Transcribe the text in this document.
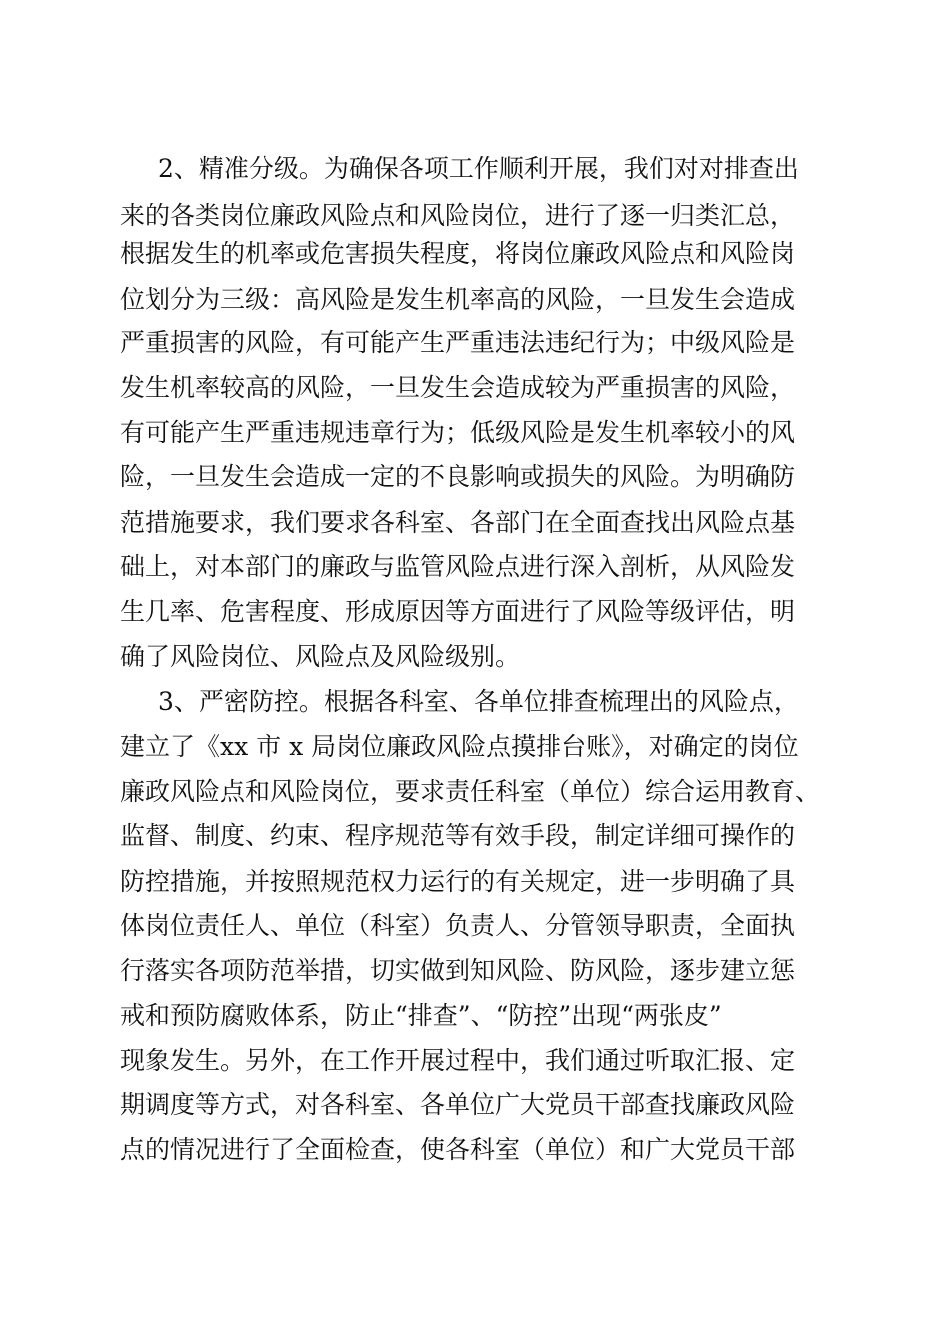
2、精准分级。为确保各项工作顺利开展，我们对对排查出
来的各类岗位廉政风险点和风险岗位，进行了逐一归类汇总，
根据发生的机率或危害损失程度，将岗位廉政风险点和风险岗
位划分为三级：高风险是发生机率高的风险，一旦发生会造成
严重损害的风险，有可能产生严重违法违纪行为；中级风险是
发生机率较高的风险，一旦发生会造成较为严重损害的风险，
有可能产生严重违规违章行为；低级风险是发生机率较小的风
险，一旦发生会造成一定的不良影响或损失的风险。为明确防
范措施要求，我们要求各科室、各部门在全面查找出风险点基
础上，对本部门的廉政与监管风险点进行深入剖析，从风险发
生几率、危害程度、形成原因等方面进行了风险等级评估，明
确了风险岗位、风险点及风险级别。
3、严密防控。根据各科室、各单位排查梳理出的风险点，
建立了《xx 市 x 局岗位廉政风险点摸排台账》，对确定的岗位
廉政风险点和风险岗位，要求责任科室（单位）综合运用教育、
监督、制度、约束、程序规范等有效手段，制定详细可操作的
防控措施，并按照规范权力运行的有关规定，进一步明确了具
体岗位责任人、单位（科室）负责人、分管领导职责，全面执
行落实各项防范举措，切实做到知风险、防风险，逐步建立惩
戒和预防腐败体系，防止“排查”、“防控”出现“两张皮”
现象发生。另外，在工作开展过程中，我们通过听取汇报、定
期调度等方式，对各科室、各单位广大党员干部查找廉政风险
点的情况进行了全面检查，使各科室（单位）和广大党员干部
